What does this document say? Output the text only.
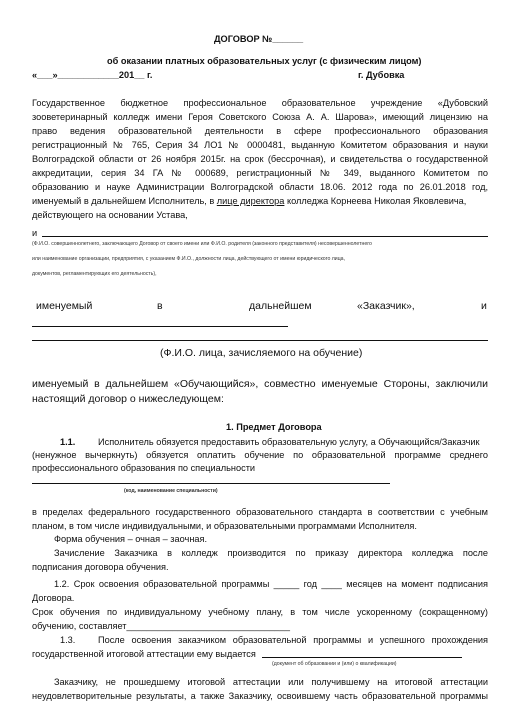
ДОГОВОР №______
об оказании платных образовательных услуг (с физическим лицом)
«___»____________201__ г.	г. Дубовка
Государственное бюджетное профессиональное образовательное учреждение «Дубовский
зооветеринарный колледж имени Героя Советского Союза А. А. Шарова», имеющий лицензию на
право ведения образовательной деятельности в сфере профессионального образования
регистрационный № 765, Серия 34 ЛО1 № 0000481, выданную Комитетом образования и науки
Волгоградской области от 26 ноября 2015г. на срок (бессрочная), и свидетельства о государственной
аккредитации, серия 34 ГА № 000689, регистрационный № 349, выданного Комитетом по
образованию и науке Администрации Волгоградской области 18.06. 2012 года по 26.01.2018 год,
именуемый в дальнейшем Исполнитель, в лице директора колледжа Корнеева Николая Яковлевича,
действующего на основании Устава,
и
(Ф.И.О. совершеннолетнего, заключающего Договор от своего имени или Ф.И.О. родителя (законного представителя) несовершеннолетнего
или наименование организации, предприятия, с указанием Ф.И.О., должности лица, действующего от имени юридического лица,
документов, регламентирующих его деятельность),
именуемый	в	дальнейшем	«Заказчик»,	и
(Ф.И.О. лица, зачисляемого на обучение)
именуемый в дальнейшем «Обучающийся», совместно именуемые Стороны, заключили
настоящий договор о нижеследующем:
1. Предмет Договора
1.1. Исполнитель обязуется предоставить образовательную услугу, а Обучающийся/Заказчик
(ненужное вычеркнуть) обязуется оплатить обучение по образовательной программе среднего
профессионального образования по специальности
(код, наименование специальности)
в пределах федерального государственного образовательного стандарта в соответствии с учебным
планом, в том числе индивидуальными, и образовательными программами Исполнителя.
Форма обучения – очная – заочная.
Зачисление Заказчика в колледж производится по приказу директора колледжа после
подписания договора обучения.
1.2. Срок освоения образовательной программы _____ год ____ месяцев на момент подписания
Договора.
Срок обучения по индивидуальному учебному плану, в том числе ускоренному (сокращенному)
обучению, составляет________________________________
1.3. После освоения заказчиком образовательной программы и успешного прохождения
государственной итоговой аттестации ему выдается
(документ об образовании и (или) о квалификации)
Заказчику, не прошедшему итоговой аттестации или получившему на итоговой аттестации
неудовлетворительные результаты, а также Заказчику, освоившему часть образовательной программы
